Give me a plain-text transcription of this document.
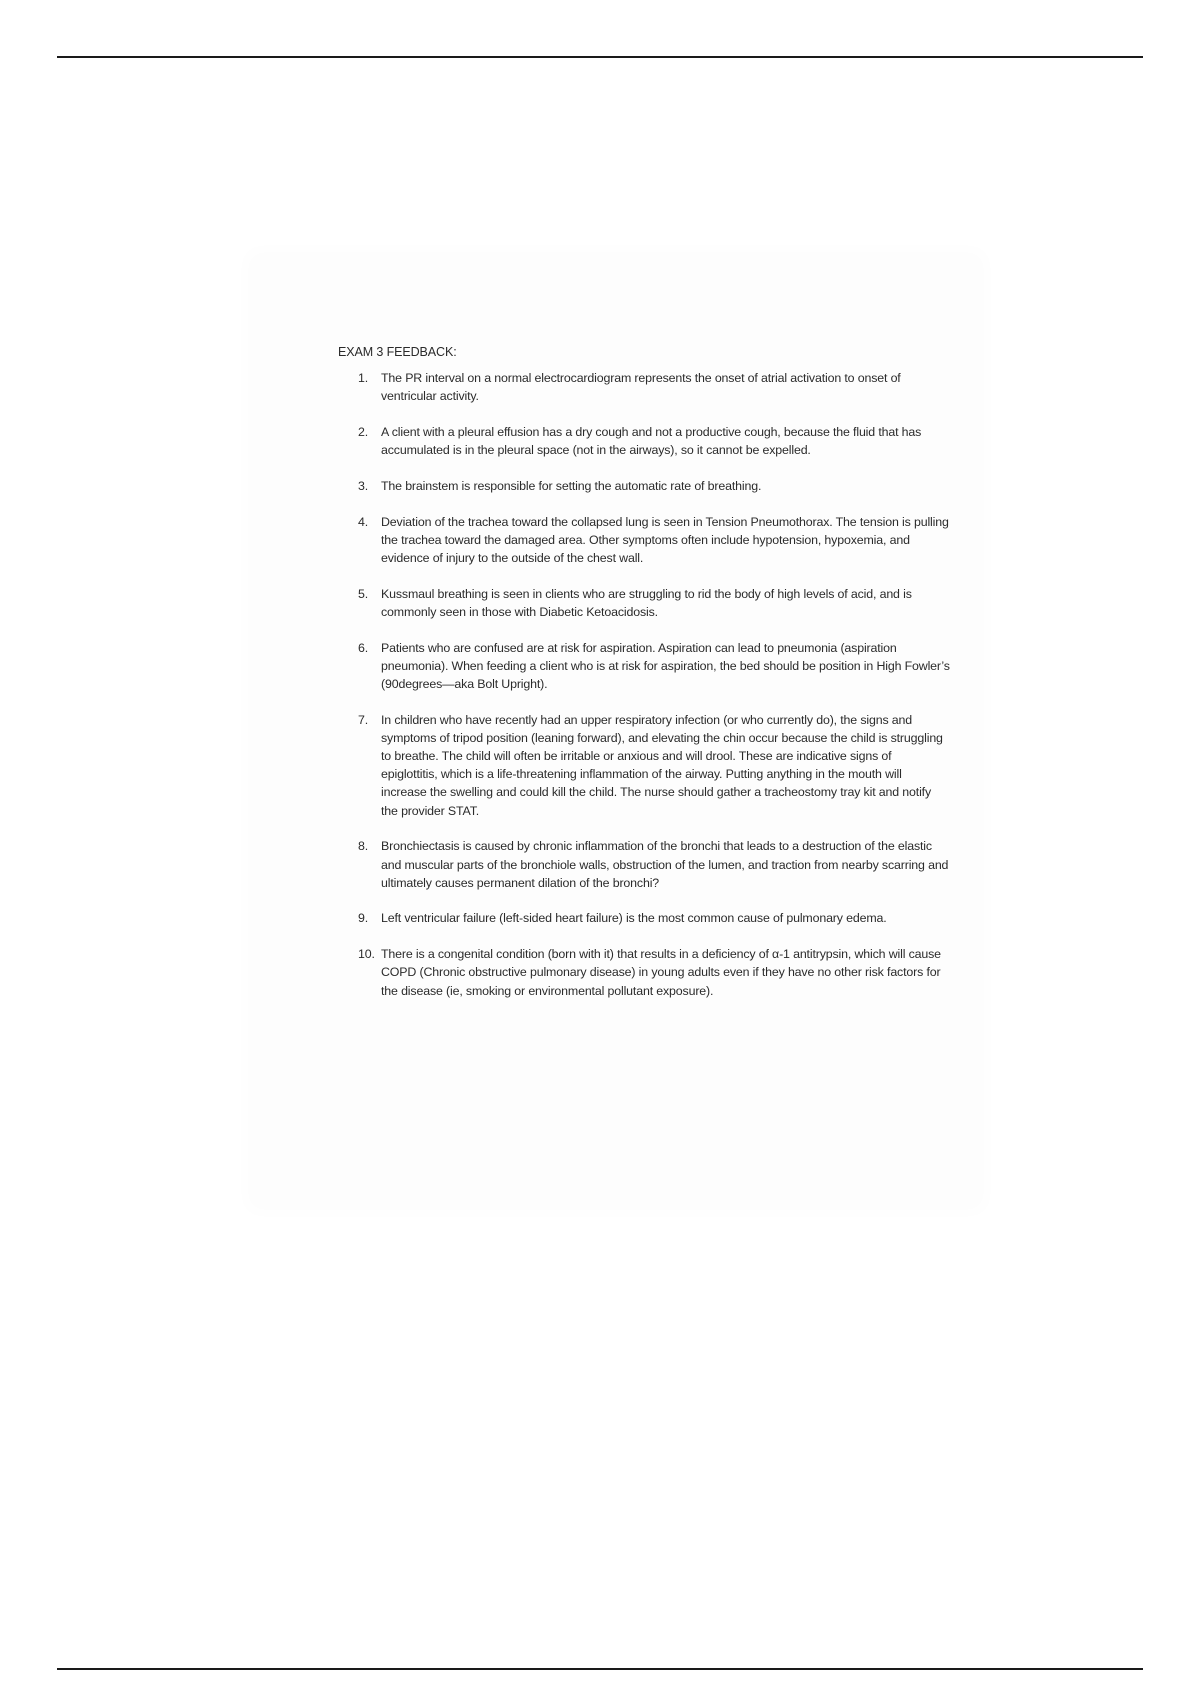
EXAM 3 FEEDBACK:
1.	The PR interval on a normal electrocardiogram represents the onset of atrial activation to onset of ventricular activity.
2.	A client with a pleural effusion has a dry cough and not a productive cough, because the fluid that has accumulated is in the pleural space (not in the airways), so it cannot be expelled.
3.	The brainstem is responsible for setting the automatic rate of breathing.
4.	Deviation of the trachea toward the collapsed lung is seen in Tension Pneumothorax. The tension is pulling the trachea toward the damaged area. Other symptoms often include hypotension, hypoxemia, and evidence of injury to the outside of the chest wall.
5.	Kussmaul breathing is seen in clients who are struggling to rid the body of high levels of acid, and is commonly seen in those with Diabetic Ketoacidosis.
6.	Patients who are confused are at risk for aspiration. Aspiration can lead to pneumonia (aspiration pneumonia). When feeding a client who is at risk for aspiration, the bed should be position in High Fowler’s (90degrees—aka Bolt Upright).
7.	In children who have recently had an upper respiratory infection (or who currently do), the signs and symptoms of tripod position (leaning forward), and elevating the chin occur because the child is struggling to breathe. The child will often be irritable or anxious and will drool. These are indicative signs of epiglottitis, which is a life-threatening inflammation of the airway. Putting anything in the mouth will increase the swelling and could kill the child. The nurse should gather a tracheostomy tray kit and notify the provider STAT.
8.	Bronchiectasis is caused by chronic inflammation of the bronchi that leads to a destruction of the elastic and muscular parts of the bronchiole walls, obstruction of the lumen, and traction from nearby scarring and ultimately causes permanent dilation of the bronchi?
9.	Left ventricular failure (left-sided heart failure) is the most common cause of pulmonary edema.
10. There is a congenital condition (born with it) that results in a deficiency of α-1 antitrypsin, which will cause COPD (Chronic obstructive pulmonary disease) in young adults even if they have no other risk factors for the disease (ie, smoking or environmental pollutant exposure).
